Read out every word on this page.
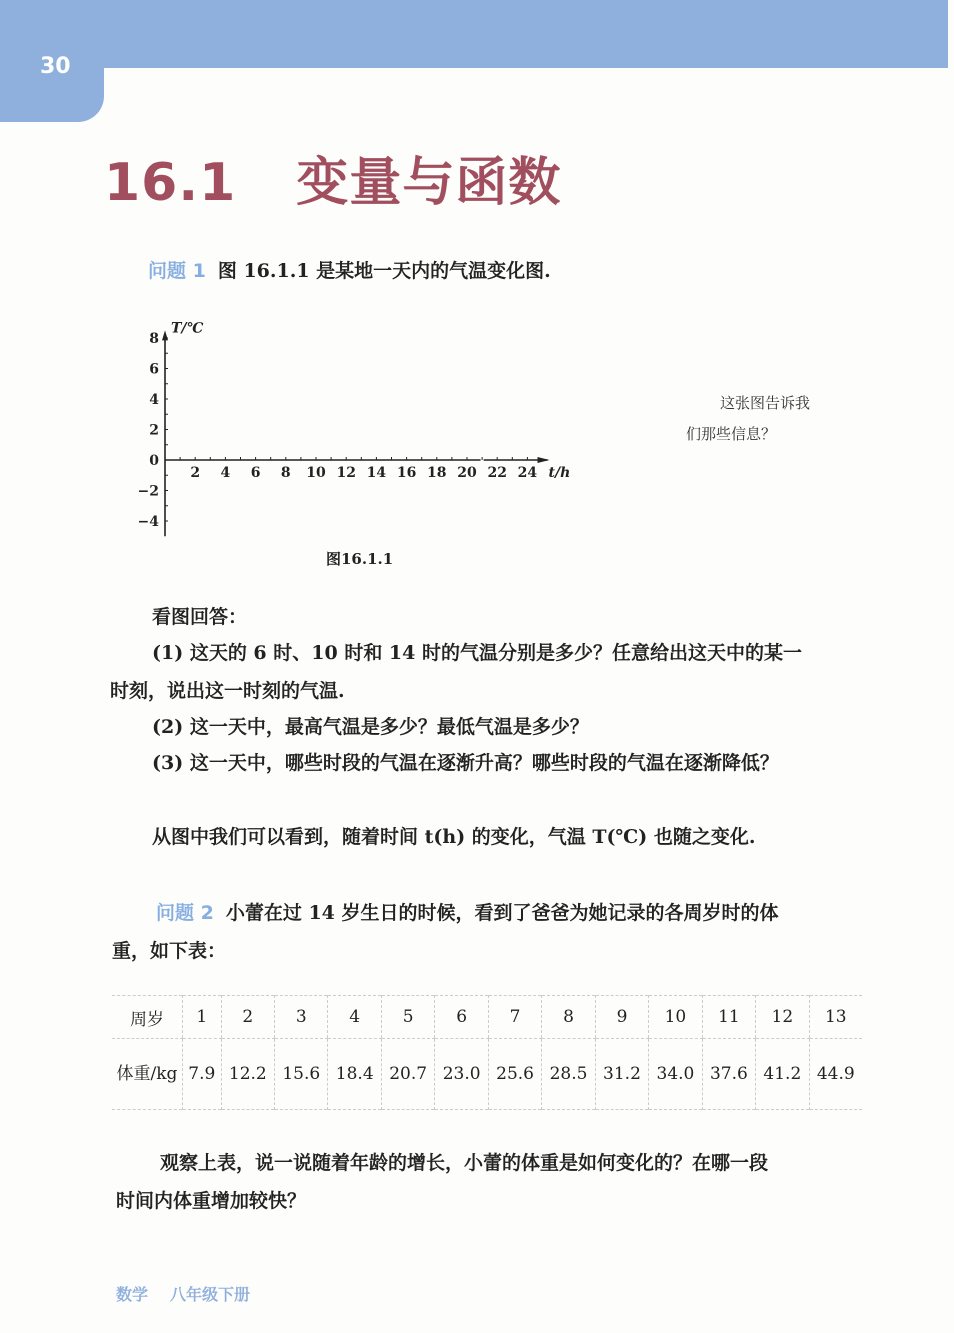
30
16.1 变量与函数
问题 1 图 16.1.1 是某地一天内的气温变化图.
2 4 6 8 10 12 14 16 18 20 22 24
8
6
4
2
0
−2
−4
t/h
T/℃
图16.1.1
这张图告诉我
们那些信息？
看图回答：
(1) 这天的 6 时、10 时和 14 时的气温分别是多少？任意给出这天中的某一
时刻，说出这一时刻的气温.
(2) 这一天中，最高气温是多少？最低气温是多少？
(3) 这一天中，哪些时段的气温在逐渐升高？哪些时段的气温在逐渐降低？
从图中我们可以看到，随着时间 t(h) 的变化，气温 T(℃) 也随之变化.
问题 2 小蕾在过 14 岁生日的时候，看到了爸爸为她记录的各周岁时的体
重，如下表：
周岁	1	2	3	4	5	6	7	8	9	10	11	12	13
体重/kg	7.9	12.2	15.6	18.4	20.7	23.0	25.6	28.5	31.2	34.0	37.6	41.2	44.9
观察上表，说一说随着年龄的增长，小蕾的体重是如何变化的？在哪一段
时间内体重增加较快？
数学 八年级下册
